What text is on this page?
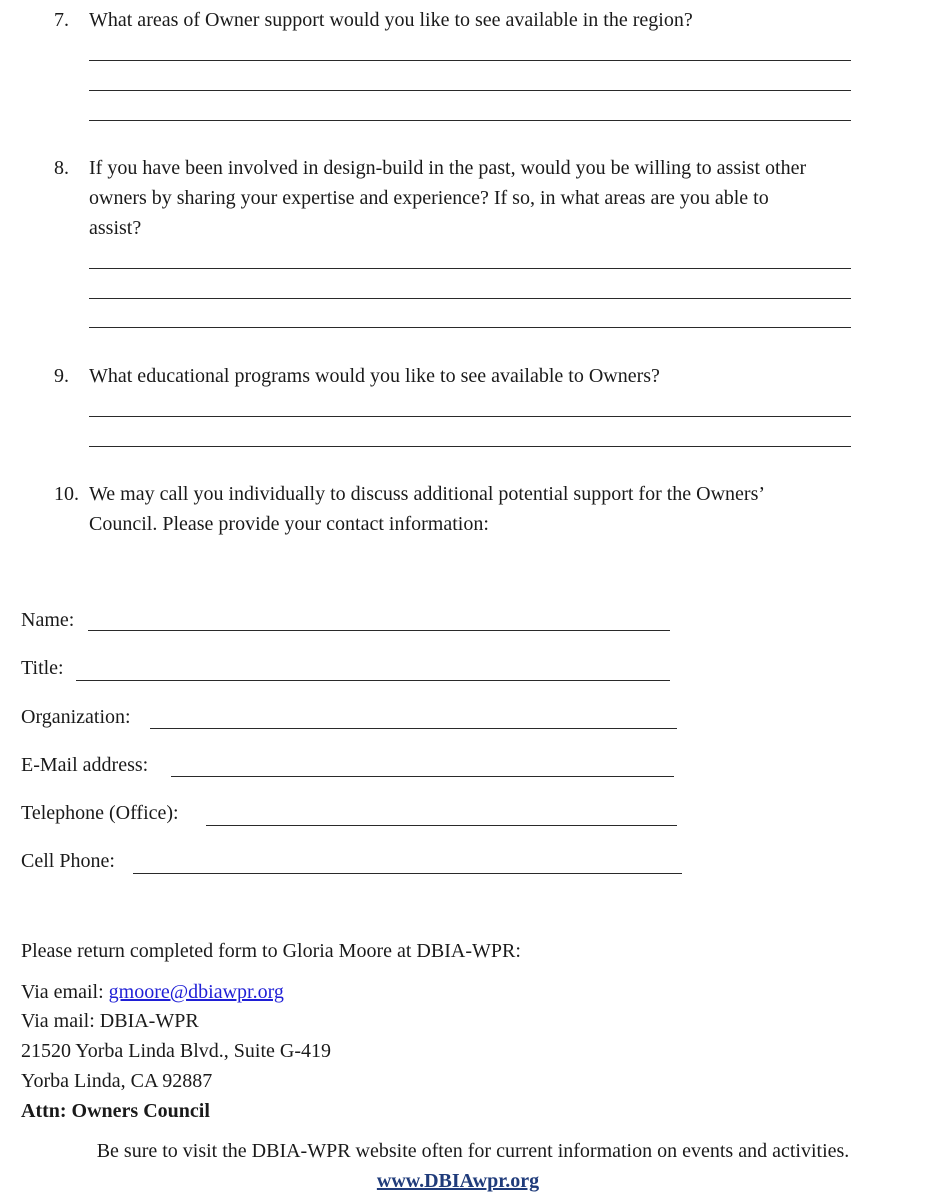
7. What areas of Owner support would you like to see available in the region?
8. If you have been involved in design-build in the past, would you be willing to assist other
owners by sharing your expertise and experience? If so, in what areas are you able to
assist?
9. What educational programs would you like to see available to Owners?
10. We may call you individually to discuss additional potential support for the Owners’
Council. Please provide your contact information:
Name:
Title:
Organization:
E-Mail address:
Telephone (Office):
Cell Phone:
Please return completed form to Gloria Moore at DBIA-WPR:
Via email: gmoore@dbiawpr.org
Via mail: DBIA-WPR
21520 Yorba Linda Blvd., Suite G-419
Yorba Linda, CA 92887
Attn: Owners Council
Be sure to visit the DBIA-WPR website often for current information on events and activities.
www.DBIAwpr.org
